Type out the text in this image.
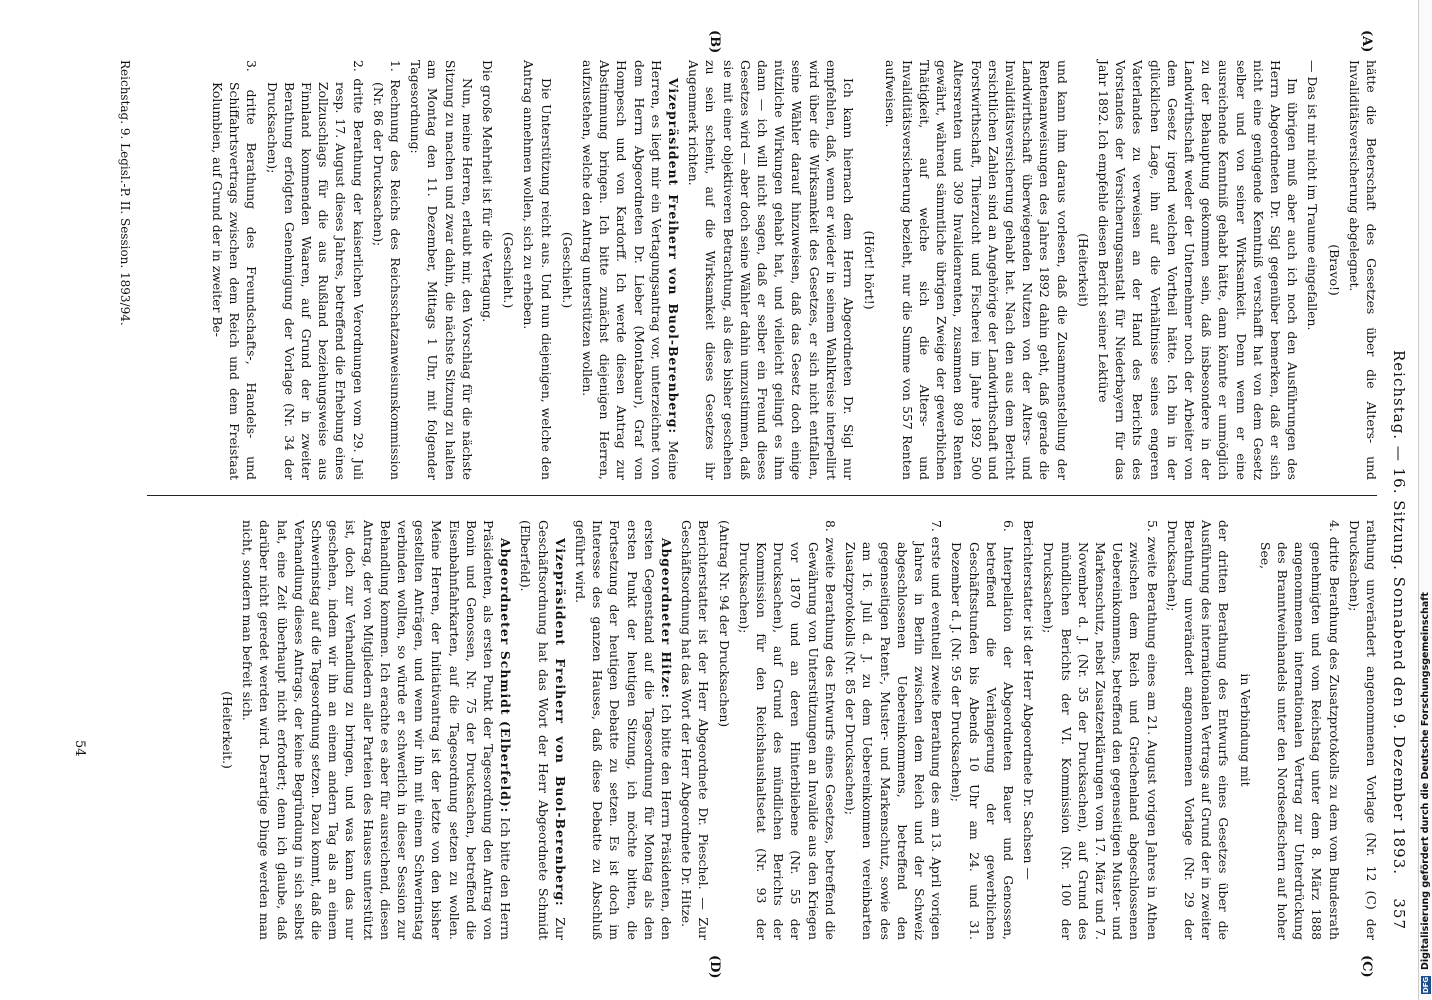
Reichstag. — 16. Sitzung. Sonnabend den 9. Dezember 1893.
357
(A)
(B)
(C)
(D)

hätte die Beterschaft des Gesetzes über die Alters- und Invaliditätsversicherung abgelegnet.

(Bravo!)

— Das ist mir nicht im Traume eingefallen.

Im übrigen muß aber auch ich noch den Ausführungen des Herrn Abgeordneten Dr. Sigl gegenüber bemerken, daß er sich nicht eine genügende Kenntniß verschafft hat von dem Gesetz selber und von seiner Wirksamkeit. Denn wenn er eine ausreichende Kenntniß gehabt hätte, dann könnte er unmöglich zu der Behauptung gekommen sein, daß insbesondere in der Landwirthschaft weder der Unternehmer noch der Arbeiter von dem Gesetz irgend welchen Vortheil hätte. Ich bin in der glücklichen Lage, ihn auf die Verhältnisse seines engeren Vaterlandes zu verweisen an der Hand des Berichts des Vorstandes der Versicherungsanstalt für Niederbayern für das Jahr 1892. Ich empfehle diesen Bericht seiner Lektüre

(Heiterkeit)

und kann ihm daraus vorlesen, daß die Zusammenstellung der Rentenanweisungen des Jahres 1892 dahin geht, daß gerade die Landwirthschaft überwiegenden Nutzen von der Alters- und Invaliditätsversicherung gehabt hat. Nach den aus dem Bericht ersichtlichen Zahlen sind an Angehörige der Landwirthschaft und Forstwirthschaft, Thierzucht und Fischerei im Jahre 1892 500 Altersrenten und 309 Invalidenrenten, zusammen 809 Renten gewährt, während sämmtliche übrigen Zweige der gewerblichen Thätigkeit, auf welche sich die Alters- und Invaliditätsversicherung bezieht, nur die Summe von 557 Renten aufweisen.

(Hört! hört!)

Ich kann hiernach dem Herrn Abgeordneten Dr. Sigl nur empfehlen, daß, wenn er wieder in seinem Wahlkreise interpellirt wird über die Wirksamkeit des Gesetzes, er sich nicht entfallen, seine Wähler darauf hinzuweisen, daß das Gesetz doch einige nützliche Wirkungen gehabt hat, und vielleicht gelingt es ihm dann — ich will nicht sagen, daß er selber ein Freund dieses Gesetzes wird — aber doch seine Wähler dahin umzustimmen, daß sie mit einer objektiveren Betrachtung, als dies bisher geschehen zu sein scheint, auf die Wirksamkeit dieses Gesetzes ihr Augenmerk richten.

Vizepräsident Freiherr von Buol-Berenberg: Meine Herren, es liegt mir ein Vertagungsantrag vor, unterzeichnet von dem Herrn Abgeordneten Dr. Lieber (Montabaur), Graf von Hompesch und von Kardorff. Ich werde diesen Antrag zur Abstimmung bringen. Ich bitte zunächst diejenigen Herren, aufzustehen, welche den Antrag unterstützen wollen.

(Geschieht.)

Die Unterstützung reicht aus. Und nun diejenigen, welche den Antrag annehmen wollen, sich zu erheben.

(Geschieht.)

Die große Mehrheit ist für die Vertagung.

Nun, meine Herren, erlaubt mir, den Vorschlag für die nächste Sitzung zu machen und zwar dahin, die nächste Sitzung zu halten am Montag den 11. Dezember, Mittags 1 Uhr, mit folgender Tagesordnung:

1. Rechnung des Reichs des Reichsschatzanweisunskommission (Nr. 86 der Drucksachen);

2. dritte Berathung der kaiserlichen Verordnungen vom 29. Juli resp. 17. August dieses Jahres, betreffend die Erhebung eines Zollzuschlags für die aus Rußland beziehungsweise aus Finnland kommenden Waaren, auf Grund der in zweiter Berathung erfolgten Genehmigung der Vorlage (Nr. 34 der Drucksachen);

3. dritte Berathung des Freundschafts-, Handels- und Schiffahrtsvertrags zwischen dem Reich und dem Freistaat Kolumbien, auf Grund der in zweiter Be-

rathung unverändert angenommenen Vorlage (Nr. 12 (C) der Drucksachen);

4. dritte Berathung des Zusatzprotokolls zu dem vom Bundesrath genehmigten und vom Reichstag unter dem 8. März 1888 angenommenen internationalen Vertrag zur Unterdrückung des Branntweinhandels unter den Nordseefischern auf hoher See,

in Verbindung mit

der dritten Berathung des Entwurfs eines Gesetzes über die Ausführung des internationalen Vertrags auf Grund der in zweiter Berathung unverändert angenommenen Vorlage (Nr. 29 der Drucksachen);

5. zweite Berathung eines am 21. August vorigen Jahres in Athen zwischen dem Reich und Griechenland abgeschlossenen Uebereinkommens, betreffend den gegenseitigen Muster- und Markenschutz, nebst Zusatzerklärungen vom 17. März und 7. November d. J. (Nr. 35 der Drucksachen), auf Grund des mündlichen Berichts der VI. Kommission (Nr. 100 der Drucksachen);

Berichterstatter ist der Herr Abgeordnete Dr. Sachsen —

6. Interpellation der Abgeordneten Bauer und Genossen, betreffend die Verlängerung der gewerblichen Geschäftsstunden bis Abends 10 Uhr am 24. und 31. Dezember d. J. (Nr. 95 der Drucksachen);

7. erste und eventuell zweite Berathung des am 13. April vorigen Jahres in Berlin zwischen dem Reich und der Schweiz abgeschlossenen Uebereinkommens, betreffend den gegenseitigen Patent-, Muster- und Markenschutz, sowie des am 16. Juli d. J. zu dem Uebereinkommen vereinbarten Zusatzprotokolls (Nr. 85 der Drucksachen);

8. zweite Berathung des Entwurfs eines Gesetzes, betreffend die Gewährung von Unterstützungen an Invalide aus den Kriegen vor 1870 und an deren Hinterbliebene (Nr. 55 der Drucksachen), auf Grund des mündlichen Berichts der Kommission für den Reichshaushaltsetat (Nr. 93 der Drucksachen);

(Antrag Nr. 94 der Drucksachen)

Berichterstatter ist der Herr Abgeordnete Dr. Pieschel. — Zur Geschäftsordnung hat das Wort der Herr Abgeordnete Dr. Hitze.

Abgeordneter Hitze: Ich bitte den Herrn Präsidenten, den ersten Gegenstand auf die Tagesordnung für Montag als den ersten Punkt der heutigen Sitzung, ich möchte bitten, die Fortsetzung der heutigen Debatte zu setzen. Es ist doch im Interesse des ganzen Hauses, daß diese Debatte zu Abschluß geführt wird.

Vizepräsident Freiherr von Buol-Berenberg: Zur Geschäftsordnung hat das Wort der Herr Abgeordnete Schmidt (Elberfeld).

Abgeordneter Schmidt (Elberfeld): Ich bitte den Herrn Präsidenten, als ersten Punkt der Tagesordnung den Antrag von Bonin und Genossen, Nr. 75 der Drucksachen, betreffend die Eisenbahnfahrkarten, auf die Tagesordnung setzen zu wollen. Meine Herren, der Initiativantrag ist der letzte von den bisher gestellten Anträgen, und wenn wir ihn mit einem Schwerinstag verbinden wollten, so würde er schwerlich in dieser Session zur Behandlung kommen. Ich erachte es aber für ausreichend, diesen Antrag, der von Mitgliedern aller Parteien des Hauses unterstützt ist, doch zur Verhandlung zu bringen, und was kann das nur geschehen, indem wir ihn an einem andern Tag als an einem Schwerinstag auf die Tagesordnung setzen. Dazu kommt, daß die Verhandlung dieses Antrags, der keine Begründung in sich selbst hat, eine Zeit überhaupt nicht erfordert; denn ich glaube, daß darüber nicht geredet werden wird. Derartige Dinge werden man nicht, sondern man befreit sich.

(Heiterkeit.)

Reichstag. 9. Legisl.-P. II. Session. 1893/94.
54
DFG
Digitalisierung gefördert durch die Deutsche Forschungsgemeinschaft
